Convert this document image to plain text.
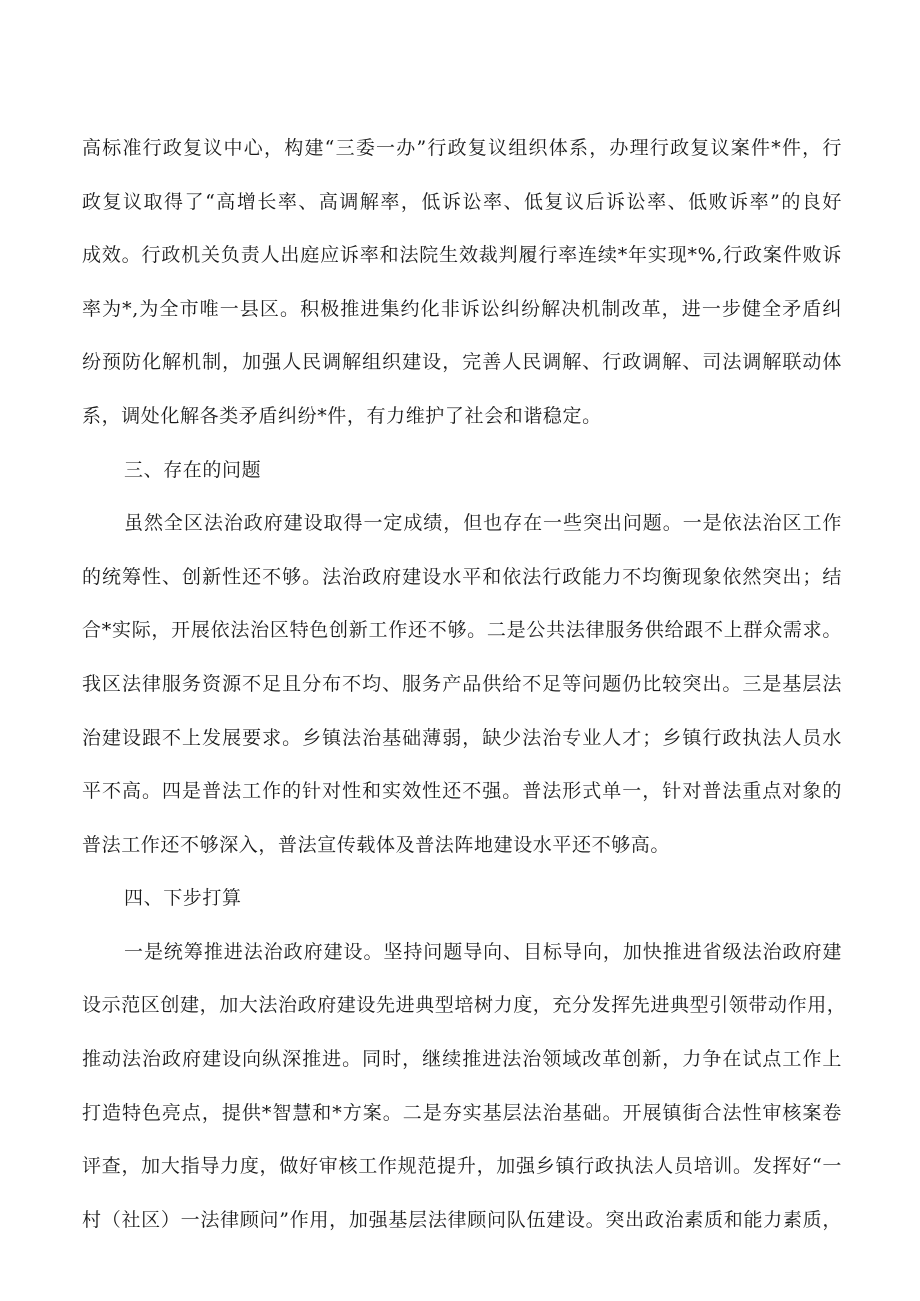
高标准行政复议中心，构建“三委一办”行政复议组织体系，办理行政复议案件*件，行
政复议取得了“高增长率、高调解率，低诉讼率、低复议后诉讼率、低败诉率”的良好
成效。行政机关负责人出庭应诉率和法院生效裁判履行率连续*年实现*%,行政案件败诉
率为*,为全市唯一县区。积极推进集约化非诉讼纠纷解决机制改革，进一步健全矛盾纠
纷预防化解机制，加强人民调解组织建设，完善人民调解、行政调解、司法调解联动体
系，调处化解各类矛盾纠纷*件，有力维护了社会和谐稳定。
三、存在的问题
虽然全区法治政府建设取得一定成绩，但也存在一些突出问题。一是依法治区工作
的统筹性、创新性还不够。法治政府建设水平和依法行政能力不均衡现象依然突出；结
合*实际，开展依法治区特色创新工作还不够。二是公共法律服务供给跟不上群众需求。
我区法律服务资源不足且分布不均、服务产品供给不足等问题仍比较突出。三是基层法
治建设跟不上发展要求。乡镇法治基础薄弱，缺少法治专业人才；乡镇行政执法人员水
平不高。四是普法工作的针对性和实效性还不强。普法形式单一，针对普法重点对象的
普法工作还不够深入，普法宣传载体及普法阵地建设水平还不够高。
四、下步打算
一是统筹推进法治政府建设。坚持问题导向、目标导向，加快推进省级法治政府建
设示范区创建，加大法治政府建设先进典型培树力度，充分发挥先进典型引领带动作用，
推动法治政府建设向纵深推进。同时，继续推进法治领域改革创新，力争在试点工作上
打造特色亮点，提供*智慧和*方案。二是夯实基层法治基础。开展镇街合法性审核案卷
评查，加大指导力度，做好审核工作规范提升，加强乡镇行政执法人员培训。发挥好“一
村（社区）一法律顾问”作用，加强基层法律顾问队伍建设。突出政治素质和能力素质，
